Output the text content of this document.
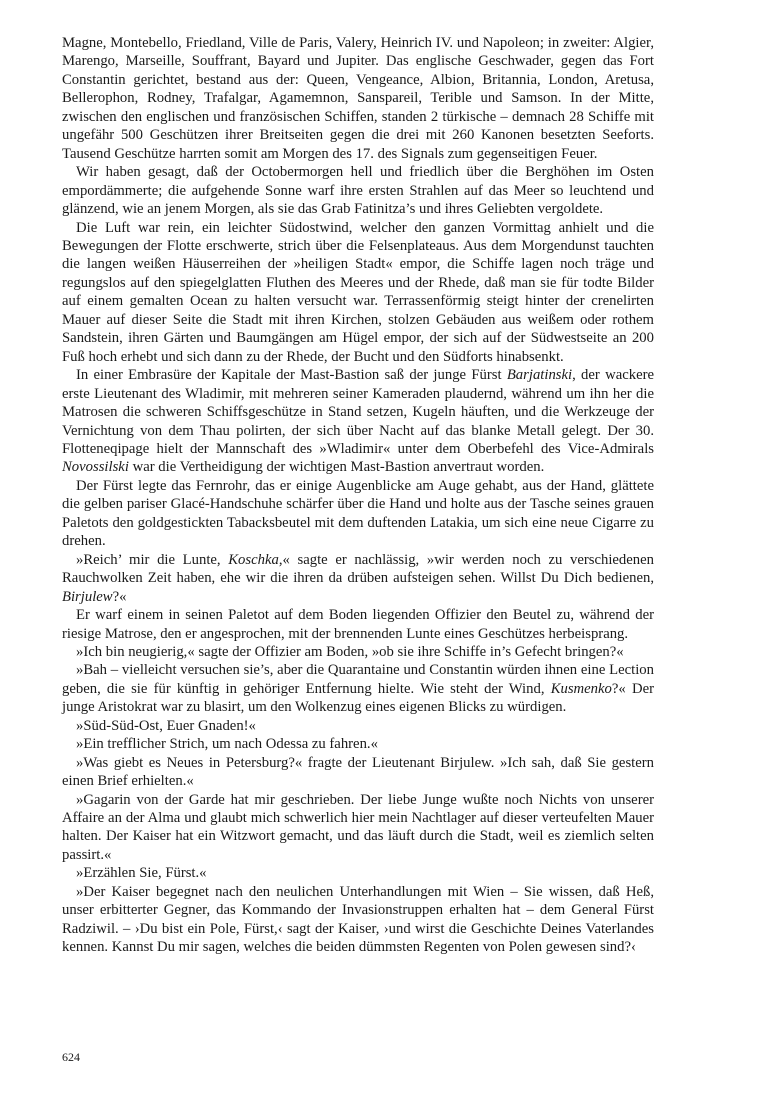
Magne, Montebello, Friedland, Ville de Paris, Valery, Heinrich IV. und Napoleon; in zweiter: Algier, Marengo, Marseille, Souffrant, Bayard und Jupiter. Das englische Geschwader, gegen das Fort Constantin gerichtet, bestand aus der: Queen, Vengeance, Albion, Britannia, London, Aretusa, Bellerophon, Rodney, Trafalgar, Agamemnon, Sanspareil, Terible und Samson. In der Mitte, zwischen den englischen und französischen Schiffen, standen 2 türkische – demnach 28 Schiffe mit ungefähr 500 Geschützen ihrer Breitseiten gegen die drei mit 260 Kanonen besetzten Seeforts. Tausend Geschütze harrten somit am Morgen des 17. des Signals zum gegenseitigen Feuer.

Wir haben gesagt, daß der Octobermorgen hell und friedlich über die Berghöhen im Osten empordämmerte; die aufgehende Sonne warf ihre ersten Strahlen auf das Meer so leuchtend und glänzend, wie an jenem Morgen, als sie das Grab Fatinitza’s und ihres Geliebten vergoldete.

Die Luft war rein, ein leichter Südostwind, welcher den ganzen Vormittag anhielt und die Bewegungen der Flotte erschwerte, strich über die Felsenplateaus. Aus dem Morgendunst tauchten die langen weißen Häuserreihen der »heiligen Stadt« empor, die Schiffe lagen noch träge und regungslos auf den spiegelglatten Fluthen des Meeres und der Rhede, daß man sie für todte Bilder auf einem gemalten Ocean zu halten versucht war. Terrassenförmig steigt hinter der crenelirten Mauer auf dieser Seite die Stadt mit ihren Kirchen, stolzen Gebäuden aus weißem oder rothem Sandstein, ihren Gärten und Baumgängen am Hügel empor, der sich auf der Südwestseite an 200 Fuß hoch erhebt und sich dann zu der Rhede, der Bucht und den Südforts hinabsenkt.

In einer Embrasüre der Kapitale der Mast-Bastion saß der junge Fürst Barjatinski, der wackere erste Lieutenant des Wladimir, mit mehreren seiner Kameraden plaudernd, während um ihn her die Matrosen die schweren Schiffsgeschütze in Stand setzen, Kugeln häuften, und die Werkzeuge der Vernichtung von dem Thau polirten, der sich über Nacht auf das blanke Metall gelegt. Der 30. Flotteneqipage hielt der Mannschaft des »Wladimir« unter dem Oberbefehl des Vice-Admirals Novossilski war die Vertheidigung der wichtigen Mast-Bastion anvertraut worden.

Der Fürst legte das Fernrohr, das er einige Augenblicke am Auge gehabt, aus der Hand, glättete die gelben pariser Glacé-Handschuhe schärfer über die Hand und holte aus der Tasche seines grauen Paletots den goldgestickten Tabacksbeutel mit dem duftenden Latakia, um sich eine neue Cigarre zu drehen.

»Reich’ mir die Lunte, Koschka,« sagte er nachlässig, »wir werden noch zu verschiedenen Rauchwolken Zeit haben, ehe wir die ihren da drüben aufsteigen sehen. Willst Du Dich bedienen, Birjulew?«

Er warf einem in seinen Paletot auf dem Boden liegenden Offizier den Beutel zu, während der riesige Matrose, den er angesprochen, mit der brennenden Lunte eines Geschützes herbeisprang.

»Ich bin neugierig,« sagte der Offizier am Boden, »ob sie ihre Schiffe in’s Gefecht bringen?«

»Bah – vielleicht versuchen sie’s, aber die Quarantaine und Constantin würden ihnen eine Lection geben, die sie für künftig in gehöriger Entfernung hielte. Wie steht der Wind, Kusmenko?« Der junge Aristokrat war zu blasirt, um den Wolkenzug eines eigenen Blicks zu würdigen.

»Süd-Süd-Ost, Euer Gnaden!«

»Ein trefflicher Strich, um nach Odessa zu fahren.«

»Was giebt es Neues in Petersburg?« fragte der Lieutenant Birjulew. »Ich sah, daß Sie gestern einen Brief erhielten.«

»Gagarin von der Garde hat mir geschrieben. Der liebe Junge wußte noch Nichts von unserer Affaire an der Alma und glaubt mich schwerlich hier mein Nachtlager auf dieser verteufelten Mauer halten. Der Kaiser hat ein Witzwort gemacht, und das läuft durch die Stadt, weil es ziemlich selten passirt.«

»Erzählen Sie, Fürst.«

»Der Kaiser begegnet nach den neulichen Unterhandlungen mit Wien – Sie wissen, daß Heß, unser erbitterter Gegner, das Kommando der Invasionstruppen erhalten hat – dem General Fürst Radziwil. – ›Du bist ein Pole, Fürst,‹ sagt der Kaiser, ›und wirst die Geschichte Deines Vaterlandes kennen. Kannst Du mir sagen, welches die beiden dümmsten Regenten von Polen gewesen sind?‹

624
